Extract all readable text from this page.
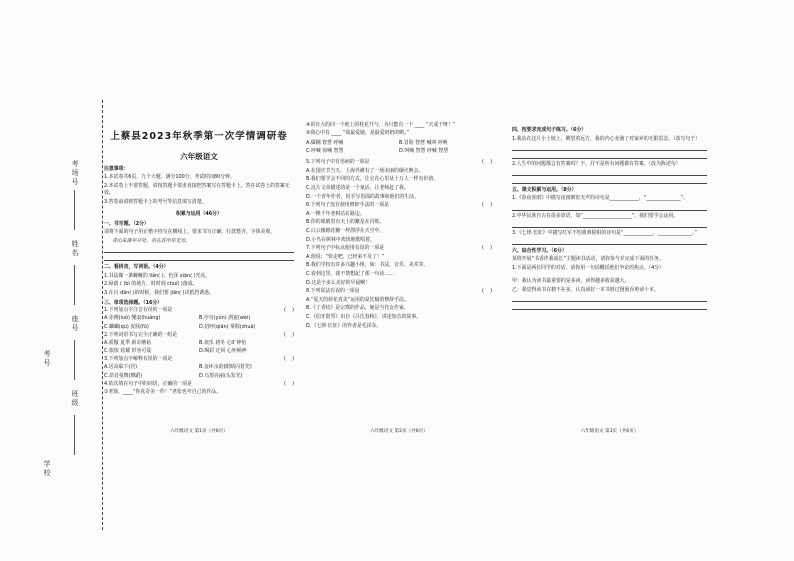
考场号
姓名
座号
考号
班级
学校
上蔡县2023年秋季第一次学情调研卷
六年级语文
注意事项：
1.本试卷共6页，九个大题，满分100分，考试时间80分钟。
2.本试卷上不要答题，请按答题卡要求直接把答案写在答题卡上，答在试卷上的答案无效。
3.答卷前请将答题卡上的考号等信息填写清楚。
积累与运用（46分）
一、书写题。（2分）
请将下面的句子用正楷字抄写在横线上，要求书写正确、行款整齐、字体美观。
青山朱漆半开处，乐在其中乐无穷。
二、看拼音，写词语。（4分）
1.书法像一条蜿蜒的 lián( )，色泽 xiān( )光亮，
2.绿荫 ( )bì 的地方，时时刻 chuí( )落成，
3.在百 dān( )的时候，我们要 jiān( )决抵挡诱惑。
三、单项选择题。（16分）
1.下列加点字注音有误的一项是	(    )
A.赤裸(luǒ) 懂浪(huàng)	B.亭匀(yún) 酒宴(wèi)
C.蛐蛐(qū) 皮肤(fū)	D.招呼(qiān) 掌握(zhuā)
2.下列词语书写完全正确的一组是	(    )
A.骄傲 夏季 新奇蘑菇	B.欢乐 初冬 心旷神怡
C.依依 炫耀 形容可爱	D.喝彩 迂回 心怀畅神
3.下列加点字解释有误的一项是	(    )
A.居高临下(居)	B.金环余韵(眼睛闪着光)
C.昂首曼舞(舞蹈)	D.乌黑亮丽(头发光)
4.依次填在句子中的词语，正确的一项是	(    )
①老徐，____“你真奇美一件！”老张也夸自己的作品。
④讲有大的同一个地上的桂花开与，为只能有一个 ____ “天成千呀！”
⑤我心中有 ____ “我最爱她，是最爱奶奶的哟。”
A.爆棚 智慧 呼喊	B.冒险 智慧 喊叫 呼唤
C.呼喊 惊喊 智慧	D.叫喊 智慧 呼喊 智慧
5.下列句子中有语病的一项是	(    )
A.在国庆节当天，上海外滩有了一场美丽的烟火晚会。
B.我们要学会不同的方式，让它在心里从十万人一样有价值。
C.这片文章描述的是一个童话，让老师赶了我。
D.一个青年作者，用手写里面的故事和他们的生活。
6.下列句子没有使用修辞手法的一项是	(    )
A.一棵千年老树站在路边。
B.你的眼睛里有天上的繁星在闪烁。
C.白云像棉花糖一样漂浮在天空中。
D.小鸟在树林中欢快地歌唱着。
7.下列句子中标点使用有误的一项是	(    )
A.他说：“快走吧，已经来不及了！”
B.我们学校有许多兴趣小组，如：书法、音乐、美术等。
C.看到这里，我不禁想起了那一句话……
D.这是个多么美好的早晨啊！
8.下列说法有误的一项是	(    )
A.“夏天的荷花真美”运用的是比喻的修辞手法。
B.《丁香结》是宗璞的作品，她是当代女作家。
C.《伯牙鼓琴》出自《吕氏春秋》，讲述知音的故事。
D.《七律·长征》的作者是毛泽东。
四、按要求完成句子练习。（6分）
1.我站在这片小土坡上，眺望着远方，我的内心充满了对家乡的无限思念。（改写句子）
2.人生中的问题都会有答案吗？不，并不是所有问题都有答案。（改为陈述句）
五、课文积累与运用。（8分）
1.《春夜喜雨》中描写夜雨细密无声的诗句是____________，“______________”。
2.中华民族自古有很多谚语，如“____________________”，我们要学会运用。
3.《七律·长征》中描写红军不怕艰难险阻的诗句是“____________，______________。”
六、综合性学习。（6分）
某班开展“书香伴我成长”主题读书活动，请你参与并完成下面的任务。
1.下面是两位同学的对话，请你用一句话概括他们争论的焦点。（4分）
甲：我认为读书最重要的是多读，读得越多收获越大。
乙：我觉得读书在精不在多，认真读好一本书胜过囫囵吞枣读十本。
六年级语文 第1页（共6页）	六年级语文 第2页（共6页）	六年级语文 第3页（共6页）
